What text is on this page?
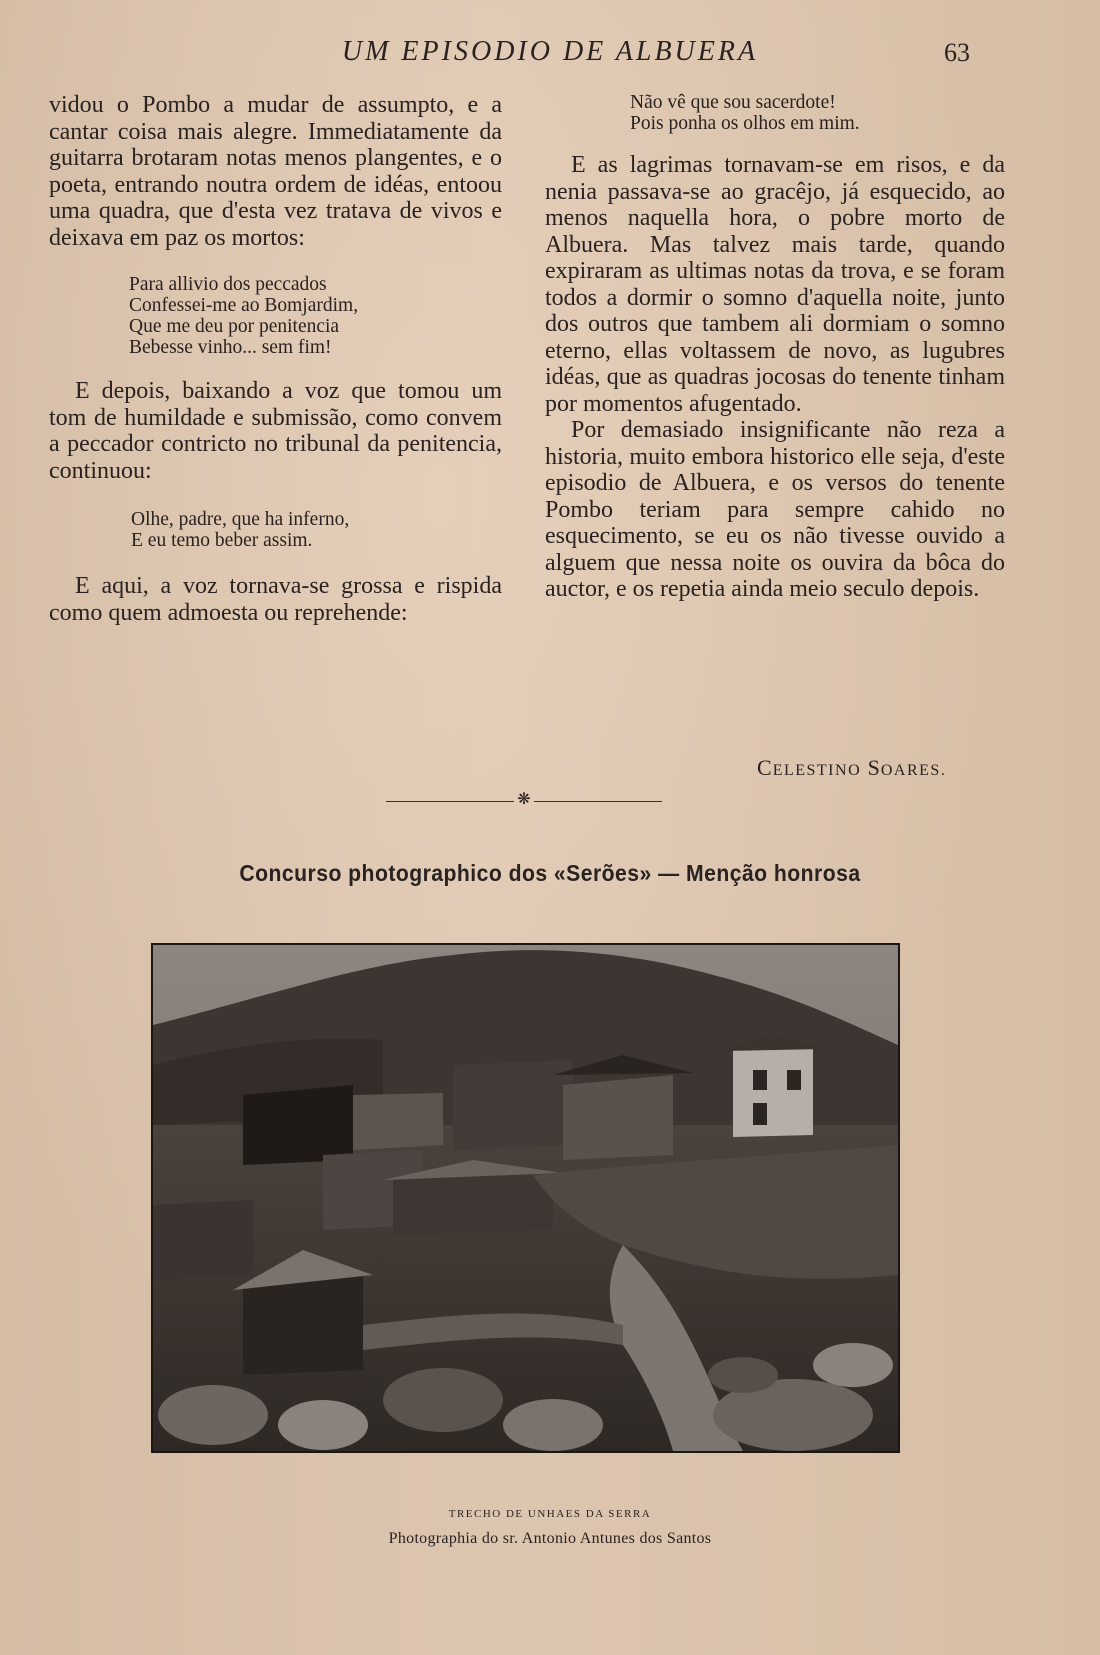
UM EPISODIO DE ALBUERA	63

vidou o Pombo a mudar de assumpto, e a cantar coisa mais alegre. Immediatamente da guitarra brotaram notas menos plangentes, e o poeta, entrando noutra ordem de idéas, entoou uma quadra, que d'esta vez tratava de vivos e deixava em paz os mortos:

Para allivio dos peccados
Confessei-me ao Bomjardim,
Que me deu por penitencia
Bebesse vinho... sem fim!

E depois, baixando a voz que tomou um tom de humildade e submissão, como convem a peccador contricto no tribunal da penitencia, continuou:

Olhe, padre, que ha inferno,
E eu temo beber assim.

E aqui, a voz tornava-se grossa e rispida como quem admoesta ou reprehende:

Não vê que sou sacerdote!
Pois ponha os olhos em mim.

E as lagrimas tornavam-se em risos, e da nenia passava-se ao gracêjo, já esquecido, ao menos naquella hora, o pobre morto de Albuera. Mas talvez mais tarde, quando expiraram as ultimas notas da trova, e se foram todos a dormir o somno d'aquella noite, junto dos outros que tambem ali dormiam o somno eterno, ellas voltassem de novo, as lugubres idéas, que as quadras jocosas do tenente tinham por momentos afugentado.

Por demasiado insignificante não reza a historia, muito embora historico elle seja, d'este episodio de Albuera, e os versos do tenente Pombo teriam para sempre cahido no esquecimento, se eu os não tivesse ouvido a alguem que nessa noite os ouvira da bôca do auctor, e os repetia ainda meio seculo depois.

CELESTINO SOARES.
❋
Concurso photographico dos «Serões» — Menção honrosa
TRECHO DE UNHAES DA SERRA
Photographia do sr. Antonio Antunes dos Santos
